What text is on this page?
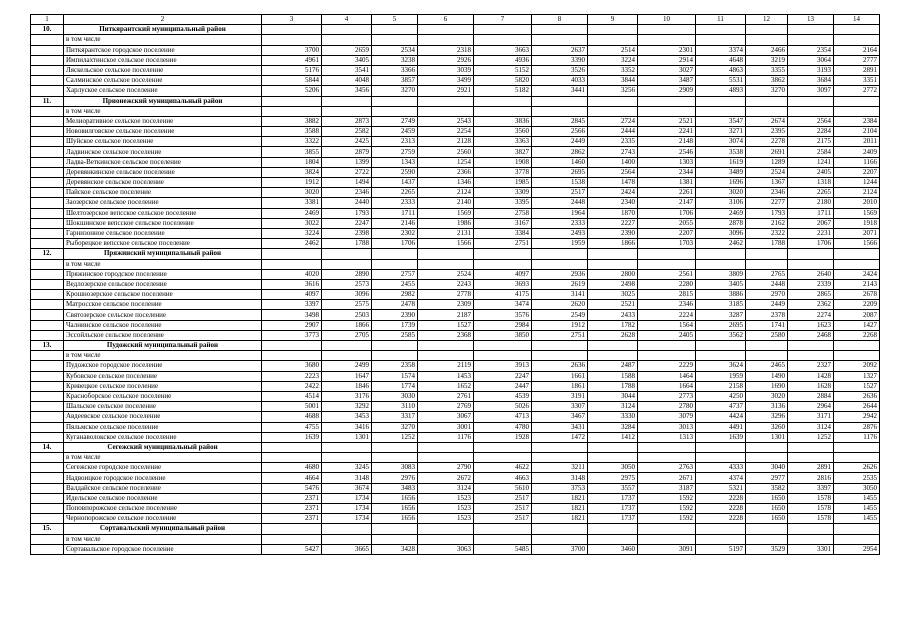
1	2	3	4	5	6	7	8	9	10	11	12	13	14
10.	Питкярантский муниципальный район												
	в том числе												
	Питкярантское городское поселение	3700	2659	2534	2318	3663	2637	2514	2301	3374	2466	2354	2164
	Импилахтинское сельское поселение	4961	3405	3238	2926	4936	3390	3224	2914	4648	3219	3064	2777
	Ляскельское сельское поселение	5176	3541	3366	3039	5152	3526	3352	3027	4863	3355	3193	2891
	Салминское сельское поселение	5844	4048	3857	3499	5820	4033	3844	3487	5531	3862	3684	3351
	Харлуское сельское поселение	5206	3456	3270	2921	5182	3441	3256	2909	4893	3270	3097	2772
11.	Прионежский муниципальный район												
	в том числе												
	Мелиоративное сельское поселение	3882	2873	2749	2543	3836	2845	2724	2521	3547	2674	2564	2384
	Нововилговское сельское поселение	3588	2582	2459	2254	3560	2566	2444	2241	3271	2395	2284	2104
	Шуйское сельское поселение	3322	2425	2313	2128	3363	2449	2335	2148	3074	2278	2175	2011
	Ладвинское сельское поселение	3855	2879	2759	2560	3827	2862	2743	2546	3538	2691	2584	2409
	Ладва-Веткинское сельское поселение	1804	1399	1343	1254	1908	1460	1400	1303	1619	1289	1241	1166
	Деревянкинское сельское поселение	3824	2722	2590	2366	3778	2695	2564	2344	3489	2524	2405	2207
	Деревянское сельское поселение	1912	1494	1437	1346	1985	1538	1478	1381	1696	1367	1318	1244
	Пайское сельское поселение	3020	2346	2265	2124	3309	2517	2424	2261	3020	2346	2265	2124
	Заозерское сельское поселение	3381	2440	2333	2140	3395	2448	2340	2147	3106	2277	2180	2010
	Шелтозерское вепсское сельское поселение	2469	1793	1711	1569	2758	1964	1870	1706	2469	1793	1711	1569
	Шокшинское вепсское сельское поселение	3022	2247	2146	1986	3167	2333	2227	2055	2878	2162	2067	1918
	Гарнизонное сельское поселение	3224	2398	2302	2131	3384	2493	2390	2207	3096	2322	2231	2071
	Рыборецкое вепсское сельское поселение	2462	1788	1706	1566	2751	1959	1866	1703	2462	1788	1706	1566
12.	Пряжинский муниципальный район												
	в том числе												
	Пряжинское городское поселение	4020	2890	2757	2524	4097	2936	2800	2561	3809	2765	2640	2424
	Ведлозерское сельское поселение	3616	2573	2455	2243	3693	2619	2498	2280	3405	2448	2339	2143
	Крошнозерское сельское поселение	4097	3096	2982	2778	4175	3141	3025	2815	3886	2970	2865	2678
	Матросское сельское поселение	3397	2575	2478	2309	3474	2620	2521	2346	3185	2449	2362	2209
	Святозерское сельское поселение	3498	2503	2390	2187	3576	2549	2433	2224	3287	2378	2274	2087
	Чалнинское сельское поселение	2907	1866	1739	1527	2984	1912	1782	1564	2695	1741	1623	1427
	Эссойльское сельское поселение	3773	2705	2585	2368	3850	2751	2628	2405	3562	2580	2468	2268
13.	Пудожский муниципальный район												
	в том числе												
	Пудожское городское поселение	3680	2499	2358	2119	3913	2636	2487	2229	3624	2465	2327	2092
	Кубовское сельское поселение	2223	1647	1574	1453	2247	1661	1588	1464	1959	1490	1428	1327
	Кривецкое сельское поселение	2422	1846	1774	1652	2447	1861	1788	1664	2158	1690	1628	1527
	Красноборское сельское поселение	4514	3176	3030	2761	4539	3191	3044	2773	4250	3020	2884	2636
	Шальское сельское поселение	5001	3292	3110	2769	5026	3307	3124	2780	4737	3136	2964	2644
	Авдеевское сельское поселение	4688	3453	3317	3067	4713	3467	3330	3079	4424	3296	3171	2942
	Пяльмское сельское поселение	4755	3416	3270	3001	4780	3431	3284	3013	4491	3260	3124	2876
	Куганаволокское сельское поселение	1639	1301	1252	1176	1928	1472	1412	1313	1639	1301	1252	1176
14.	Сегежский муниципальный район												
	в том числе												
	Сегежское городское поселение	4680	3245	3083	2790	4622	3211	3050	2763	4333	3040	2891	2626
	Надвоицкое городское поселение	4664	3148	2976	2672	4663	3148	2975	2671	4374	2977	2816	2535
	Валдайское сельское поселение	5476	3674	3483	3124	5610	3753	3557	3187	5321	3582	3397	3050
	Идельское сельское поселение	2371	1734	1656	1523	2517	1821	1737	1592	2228	1650	1578	1455
	Поповпорожское сельское поселение	2371	1734	1656	1523	2517	1821	1737	1592	2228	1650	1578	1455
	Чернопорожское сельское поселение	2371	1734	1656	1523	2517	1821	1737	1592	2228	1650	1578	1455
15.	Сортавальский муниципальный район												
	в том числе												
	Сортавальское городское поселение	5427	3665	3428	3063	5485	3700	3460	3091	5197	3529	3301	2954
